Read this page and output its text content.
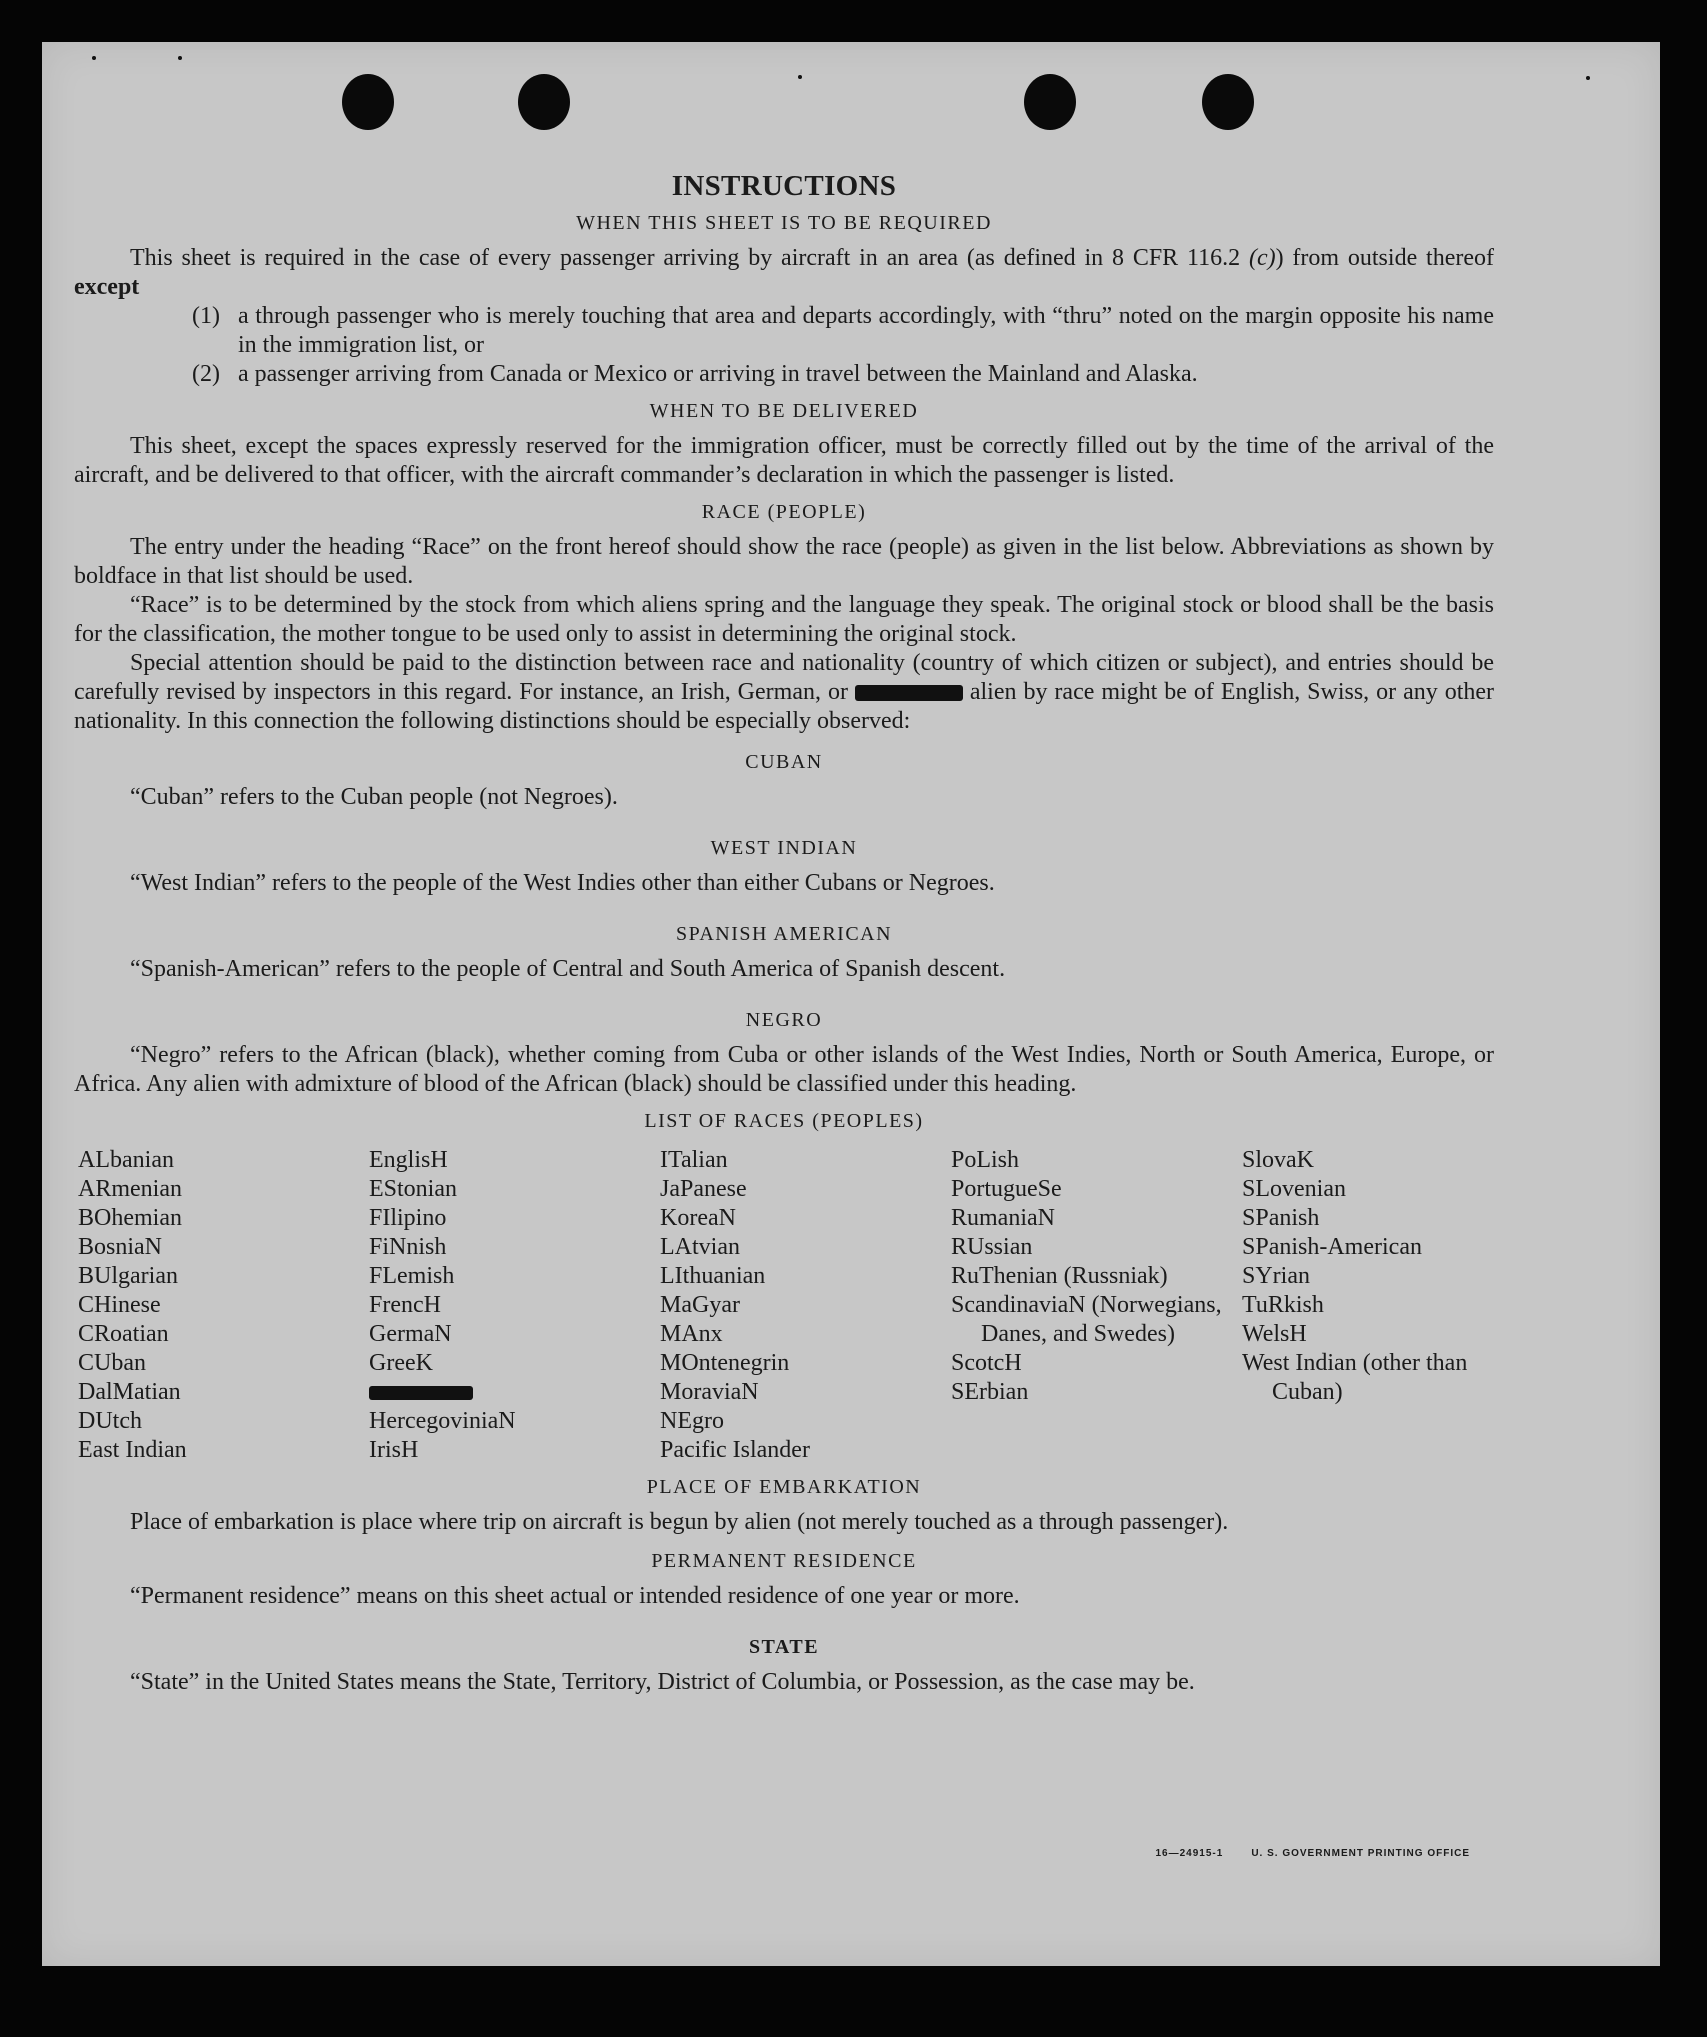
INSTRUCTIONS
WHEN THIS SHEET IS TO BE REQUIRED

This sheet is required in the case of every passenger arriving by aircraft in an area (as defined in 8 CFR 116.2 (c)) from outside thereof except

(1) a through passenger who is merely touching that area and departs accordingly, with “thru” noted on the margin opposite his name in the immigration list, or
(2) a passenger arriving from Canada or Mexico or arriving in travel between the Mainland and Alaska.
WHEN TO BE DELIVERED

This sheet, except the spaces expressly reserved for the immigration officer, must be correctly filled out by the time of the arrival of the aircraft, and be delivered to that officer, with the aircraft commander’s declaration in which the passenger is listed.

RACE (PEOPLE)

The entry under the heading “Race” on the front hereof should show the race (people) as given in the list below. Abbreviations as shown by boldface in that list should be used.

“Race” is to be determined by the stock from which aliens spring and the language they speak. The original stock or blood shall be the basis for the classification, the mother tongue to be used only to assist in determining the original stock.

Special attention should be paid to the distinction between race and nationality (country of which citizen or subject), and entries should be carefully revised by inspectors in this regard. For instance, an Irish, German, or	alien by race might be of English, Swiss, or any other nationality. In this connection the following distinctions should be especially observed:

CUBAN

“Cuban” refers to the Cuban people (not Negroes).

WEST INDIAN

“West Indian” refers to the people of the West Indies other than either Cubans or Negroes.

SPANISH AMERICAN

“Spanish-American” refers to the people of Central and South America of Spanish descent.

NEGRO

“Negro” refers to the African (black), whether coming from Cuba or other islands of the West Indies, North or South America, Europe, or Africa. Any alien with admixture of blood of the African (black) should be classified under this heading.

LIST OF RACES (PEOPLES)
ALbanian
ARmenian
BOhemian
BosniaN
BUlgarian
CHinese
CRoatian
CUban
DalMatian
DUtch
East Indian
EnglisH
EStonian
FIlipino
FiNnish
FLemish
FrencH
GermaN
GreeK
HercegoviniaN
IrisH
ITalian
JaPanese
KoreaN
LAtvian
LIthuanian
MaGyar
MAnx
MOntenegrin
MoraviaN
NEgro
Pacific Islander
PoLish
PortugueSe
RumaniaN
RUssian
RuThenian (Russniak)
ScandinaviaN (Norwegians, Danes, and Swedes)
ScotcH
SErbian
SlovaK
SLovenian
SPanish
SPanish-American
SYrian
TuRkish
WelsH
West Indian (other than Cuban)
PLACE OF EMBARKATION

Place of embarkation is place where trip on aircraft is begun by alien (not merely touched as a through passenger).

PERMANENT RESIDENCE

“Permanent residence” means on this sheet actual or intended residence of one year or more.

STATE

“State” in the United States means the State, Territory, District of Columbia, or Possession, as the case may be.

16—24915-1	U. S. GOVERNMENT PRINTING OFFICE
